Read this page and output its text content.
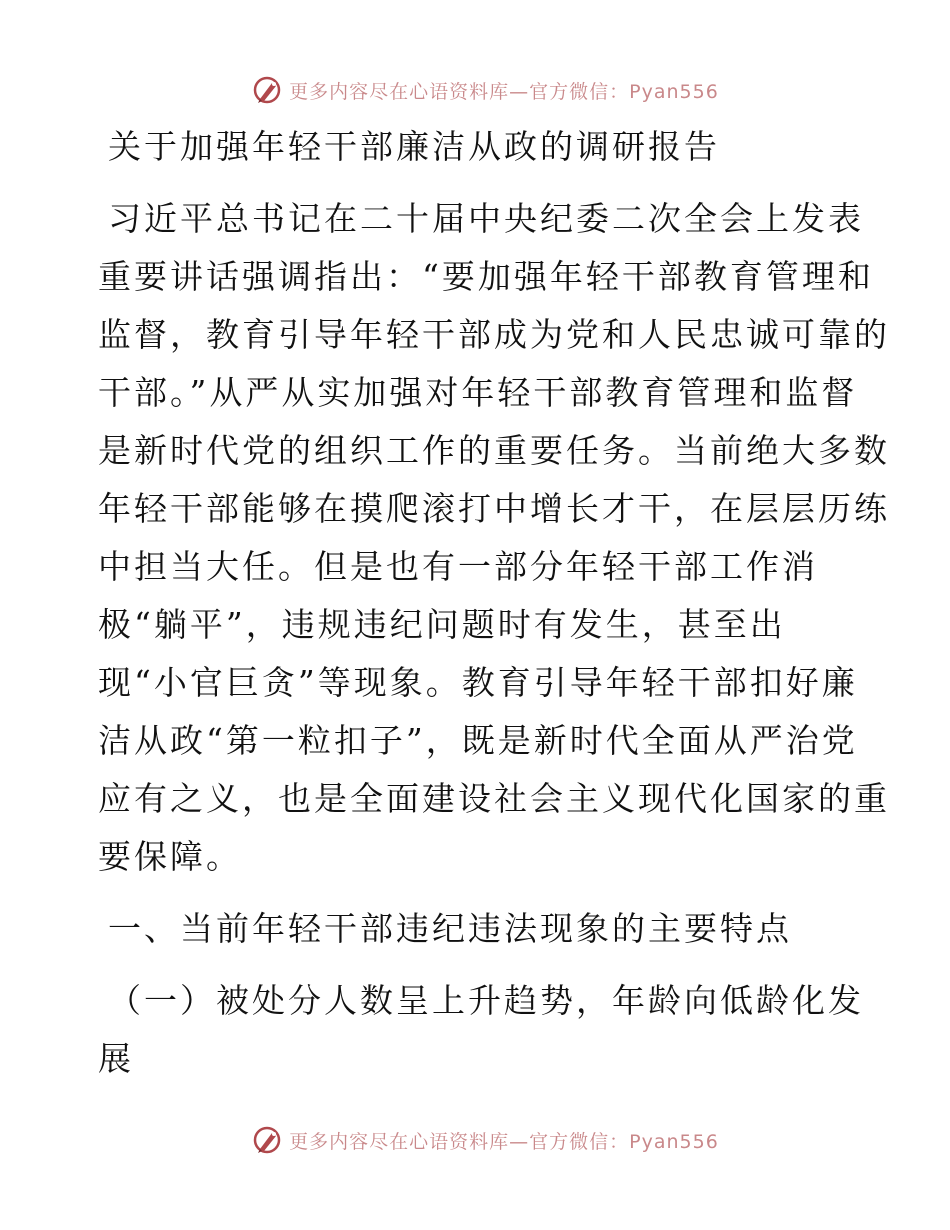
更多内容尽在心语资料库—官方微信：Pyan556
关于加强年轻干部廉洁从政的调研报告
习近平总书记在二十届中央纪委二次全会上发表
重要讲话强调指出：“要加强年轻干部教育管理和
监督，教育引导年轻干部成为党和人民忠诚可靠的
干部。”从严从实加强对年轻干部教育管理和监督
是新时代党的组织工作的重要任务。当前绝大多数
年轻干部能够在摸爬滚打中增长才干，在层层历练
中担当大任。但是也有一部分年轻干部工作消
极“躺平”，违规违纪问题时有发生，甚至出
现“小官巨贪”等现象。教育引导年轻干部扣好廉
洁从政“第一粒扣子”，既是新时代全面从严治党
应有之义，也是全面建设社会主义现代化国家的重
要保障。
一、当前年轻干部违纪违法现象的主要特点
（一）被处分人数呈上升趋势，年龄向低龄化发
展
更多内容尽在心语资料库—官方微信：Pyan556
